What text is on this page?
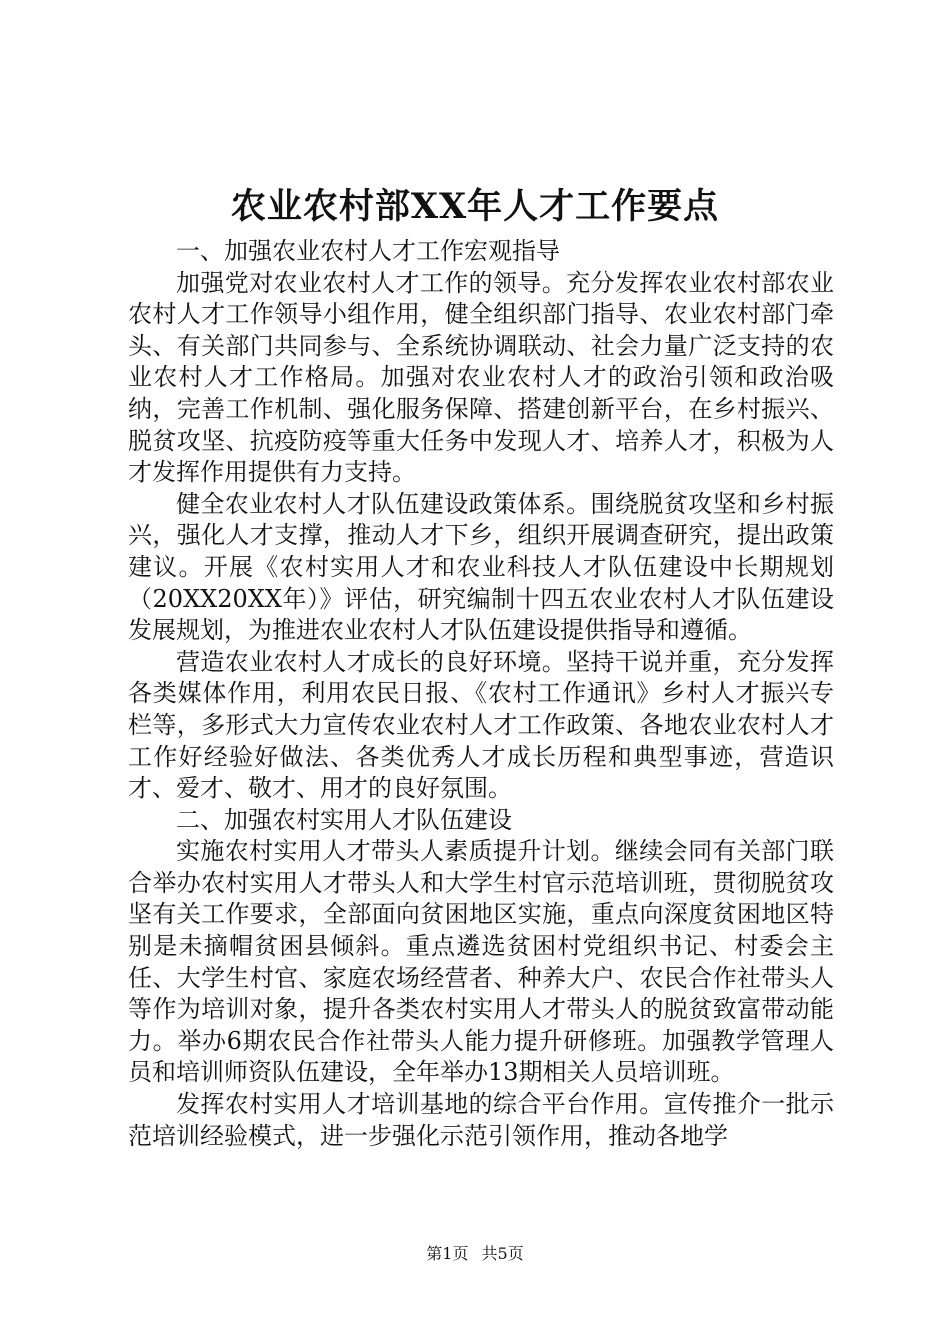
农业农村部XX年人才工作要点

一、加强农业农村人才工作宏观指导

加强党对农业农村人才工作的领导。充分发挥农业农村部农业农村人才工作领导小组作用，健全组织部门指导、农业农村部门牵头、有关部门共同参与、全系统协调联动、社会力量广泛支持的农业农村人才工作格局。加强对农业农村人才的政治引领和政治吸纳，完善工作机制、强化服务保障、搭建创新平台，在乡村振兴、脱贫攻坚、抗疫防疫等重大任务中发现人才、培养人才，积极为人才发挥作用提供有力支持。

健全农业农村人才队伍建设政策体系。围绕脱贫攻坚和乡村振兴，强化人才支撑，推动人才下乡，组织开展调查研究，提出政策建议。开展《农村实用人才和农业科技人才队伍建设中长期规划（20XX20XX年）》评估，研究编制十四五农业农村人才队伍建设发展规划，为推进农业农村人才队伍建设提供指导和遵循。

营造农业农村人才成长的良好环境。坚持干说并重，充分发挥各类媒体作用，利用农民日报、《农村工作通讯》乡村人才振兴专栏等，多形式大力宣传农业农村人才工作政策、各地农业农村人才工作好经验好做法、各类优秀人才成长历程和典型事迹，营造识才、爱才、敬才、用才的良好氛围。

二、加强农村实用人才队伍建设

实施农村实用人才带头人素质提升计划。继续会同有关部门联合举办农村实用人才带头人和大学生村官示范培训班，贯彻脱贫攻坚有关工作要求，全部面向贫困地区实施，重点向深度贫困地区特别是未摘帽贫困县倾斜。重点遴选贫困村党组织书记、村委会主任、大学生村官、家庭农场经营者、种养大户、农民合作社带头人等作为培训对象，提升各类农村实用人才带头人的脱贫致富带动能力。举办6期农民合作社带头人能力提升研修班。加强教学管理人员和培训师资队伍建设，全年举办13期相关人员培训班。

发挥农村实用人才培训基地的综合平台作用。宣传推介一批示范培训经验模式，进一步强化示范引领作用，推动各地学

第1页 共5页
